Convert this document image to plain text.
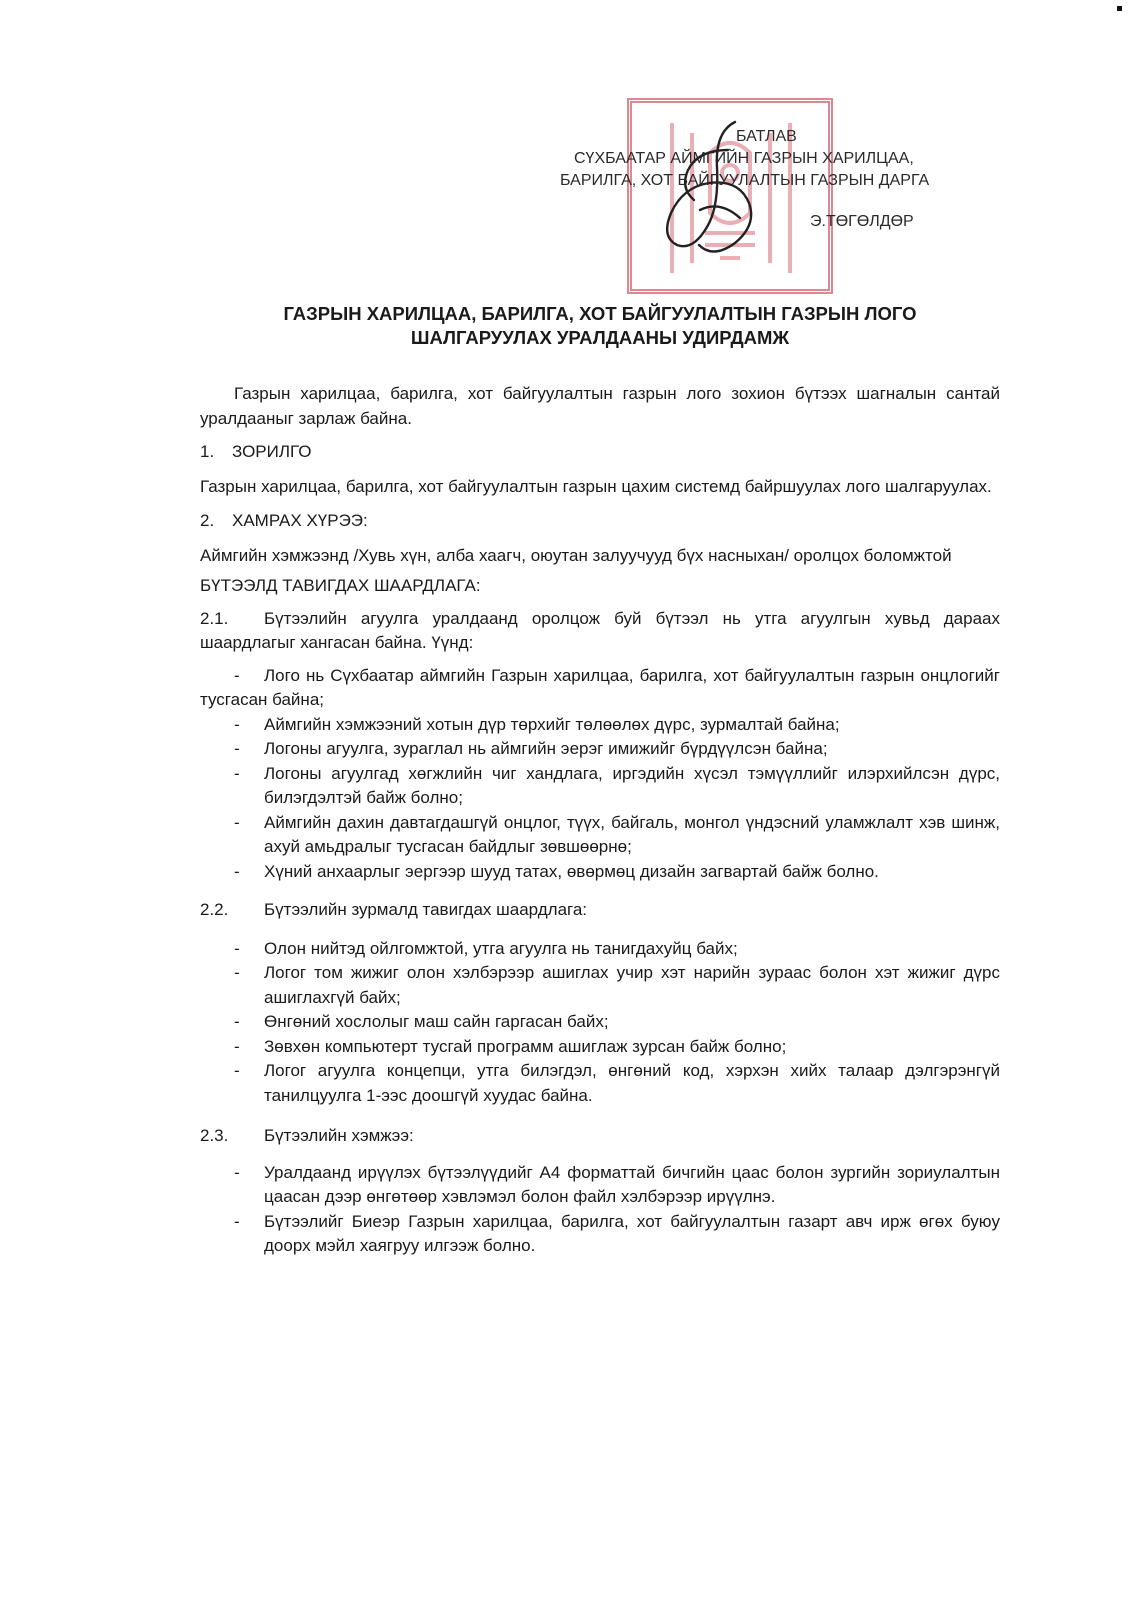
БАТЛАВ
СҮХБААТАР АЙМГИЙН ГАЗРЫН ХАРИЛЦАА,
БАРИЛГА, ХОТ БАЙГУУЛАЛТЫН ГАЗРЫН ДАРГА
Э.ТӨГӨЛДӨР
ГАЗРЫН ХАРИЛЦАА, БАРИЛГА, ХОТ БАЙГУУЛАЛТЫН ГАЗРЫН ЛОГО
ШАЛГАРУУЛАХ УРАЛДААНЫ УДИРДАМЖ

Газрын харилцаа, барилга, хот байгуулалтын газрын лого зохион бүтээх шагналын сантай уралдааныг зарлаж байна.

1. ЗОРИЛГО

Газрын харилцаа, барилга, хот байгуулалтын газрын цахим системд байршуулах лого шалгаруулах.

2. ХАМРАХ ХҮРЭЭ:

Аймгийн хэмжээнд /Хувь хүн, алба хаагч, оюутан залуучууд бүх насныхан/ оролцох боломжтой

БҮТЭЭЛД ТАВИГДАХ ШААРДЛАГА:

2.1. Бүтээлийн агуулга уралдаанд оролцож буй бүтээл нь утга агуулгын хувьд дараах шаардлагыг хангасан байна. Үүнд:

- Лого нь Сүхбаатар аймгийн Газрын харилцаа, барилга, хот байгуулалтын газрын онцлогийг тусгасан байна;

- Аймгийн хэмжээний хотын дүр төрхийг төлөөлөх дүрс, зурмалтай байна;

- Логоны агуулга, зураглал нь аймгийн эерэг имижийг бүрдүүлсэн байна;

- Логоны агуулгад хөгжлийн чиг хандлага, иргэдийн хүсэл тэмүүллийг илэрхийлсэн дүрс, билэгдэлтэй байж болно;

- Аймгийн дахин давтагдашгүй онцлог, түүх, байгаль, монгол үндэсний уламжлалт хэв шинж, ахуй амьдралыг тусгасан байдлыг зөвшөөрнө;

- Хүний анхаарлыг эергээр шууд татах, өвөрмөц дизайн загвартай байж болно.

2.2. Бүтээлийн зурмалд тавигдах шаардлага:

- Олон нийтэд ойлгомжтой, утга агуулга нь танигдахуйц байх;

- Логог том жижиг олон хэлбэрээр ашиглах учир хэт нарийн зураас болон хэт жижиг дүрс ашиглахгүй байх;

- Өнгөний хослолыг маш сайн гаргасан байх;

- Зөвхөн компьютерт тусгай программ ашиглаж зурсан байж болно;

- Логог агуулга концепци, утга билэгдэл, өнгөний код, хэрхэн хийх талаар дэлгэрэнгүй танилцуулга 1-ээс доошгүй хуудас байна.

2.3. Бүтээлийн хэмжээ:

- Уралдаанд ирүүлэх бүтээлүүдийг А4 форматтай бичгийн цаас болон зургийн зориулалтын цаасан дээр өнгөтөөр хэвлэмэл болон файл хэлбэрээр ирүүлнэ.

- Бүтээлийг Биеэр Газрын харилцаа, барилга, хот байгуулалтын газарт авч ирж өгөх буюу доорх мэйл хаягруу илгээж болно.
